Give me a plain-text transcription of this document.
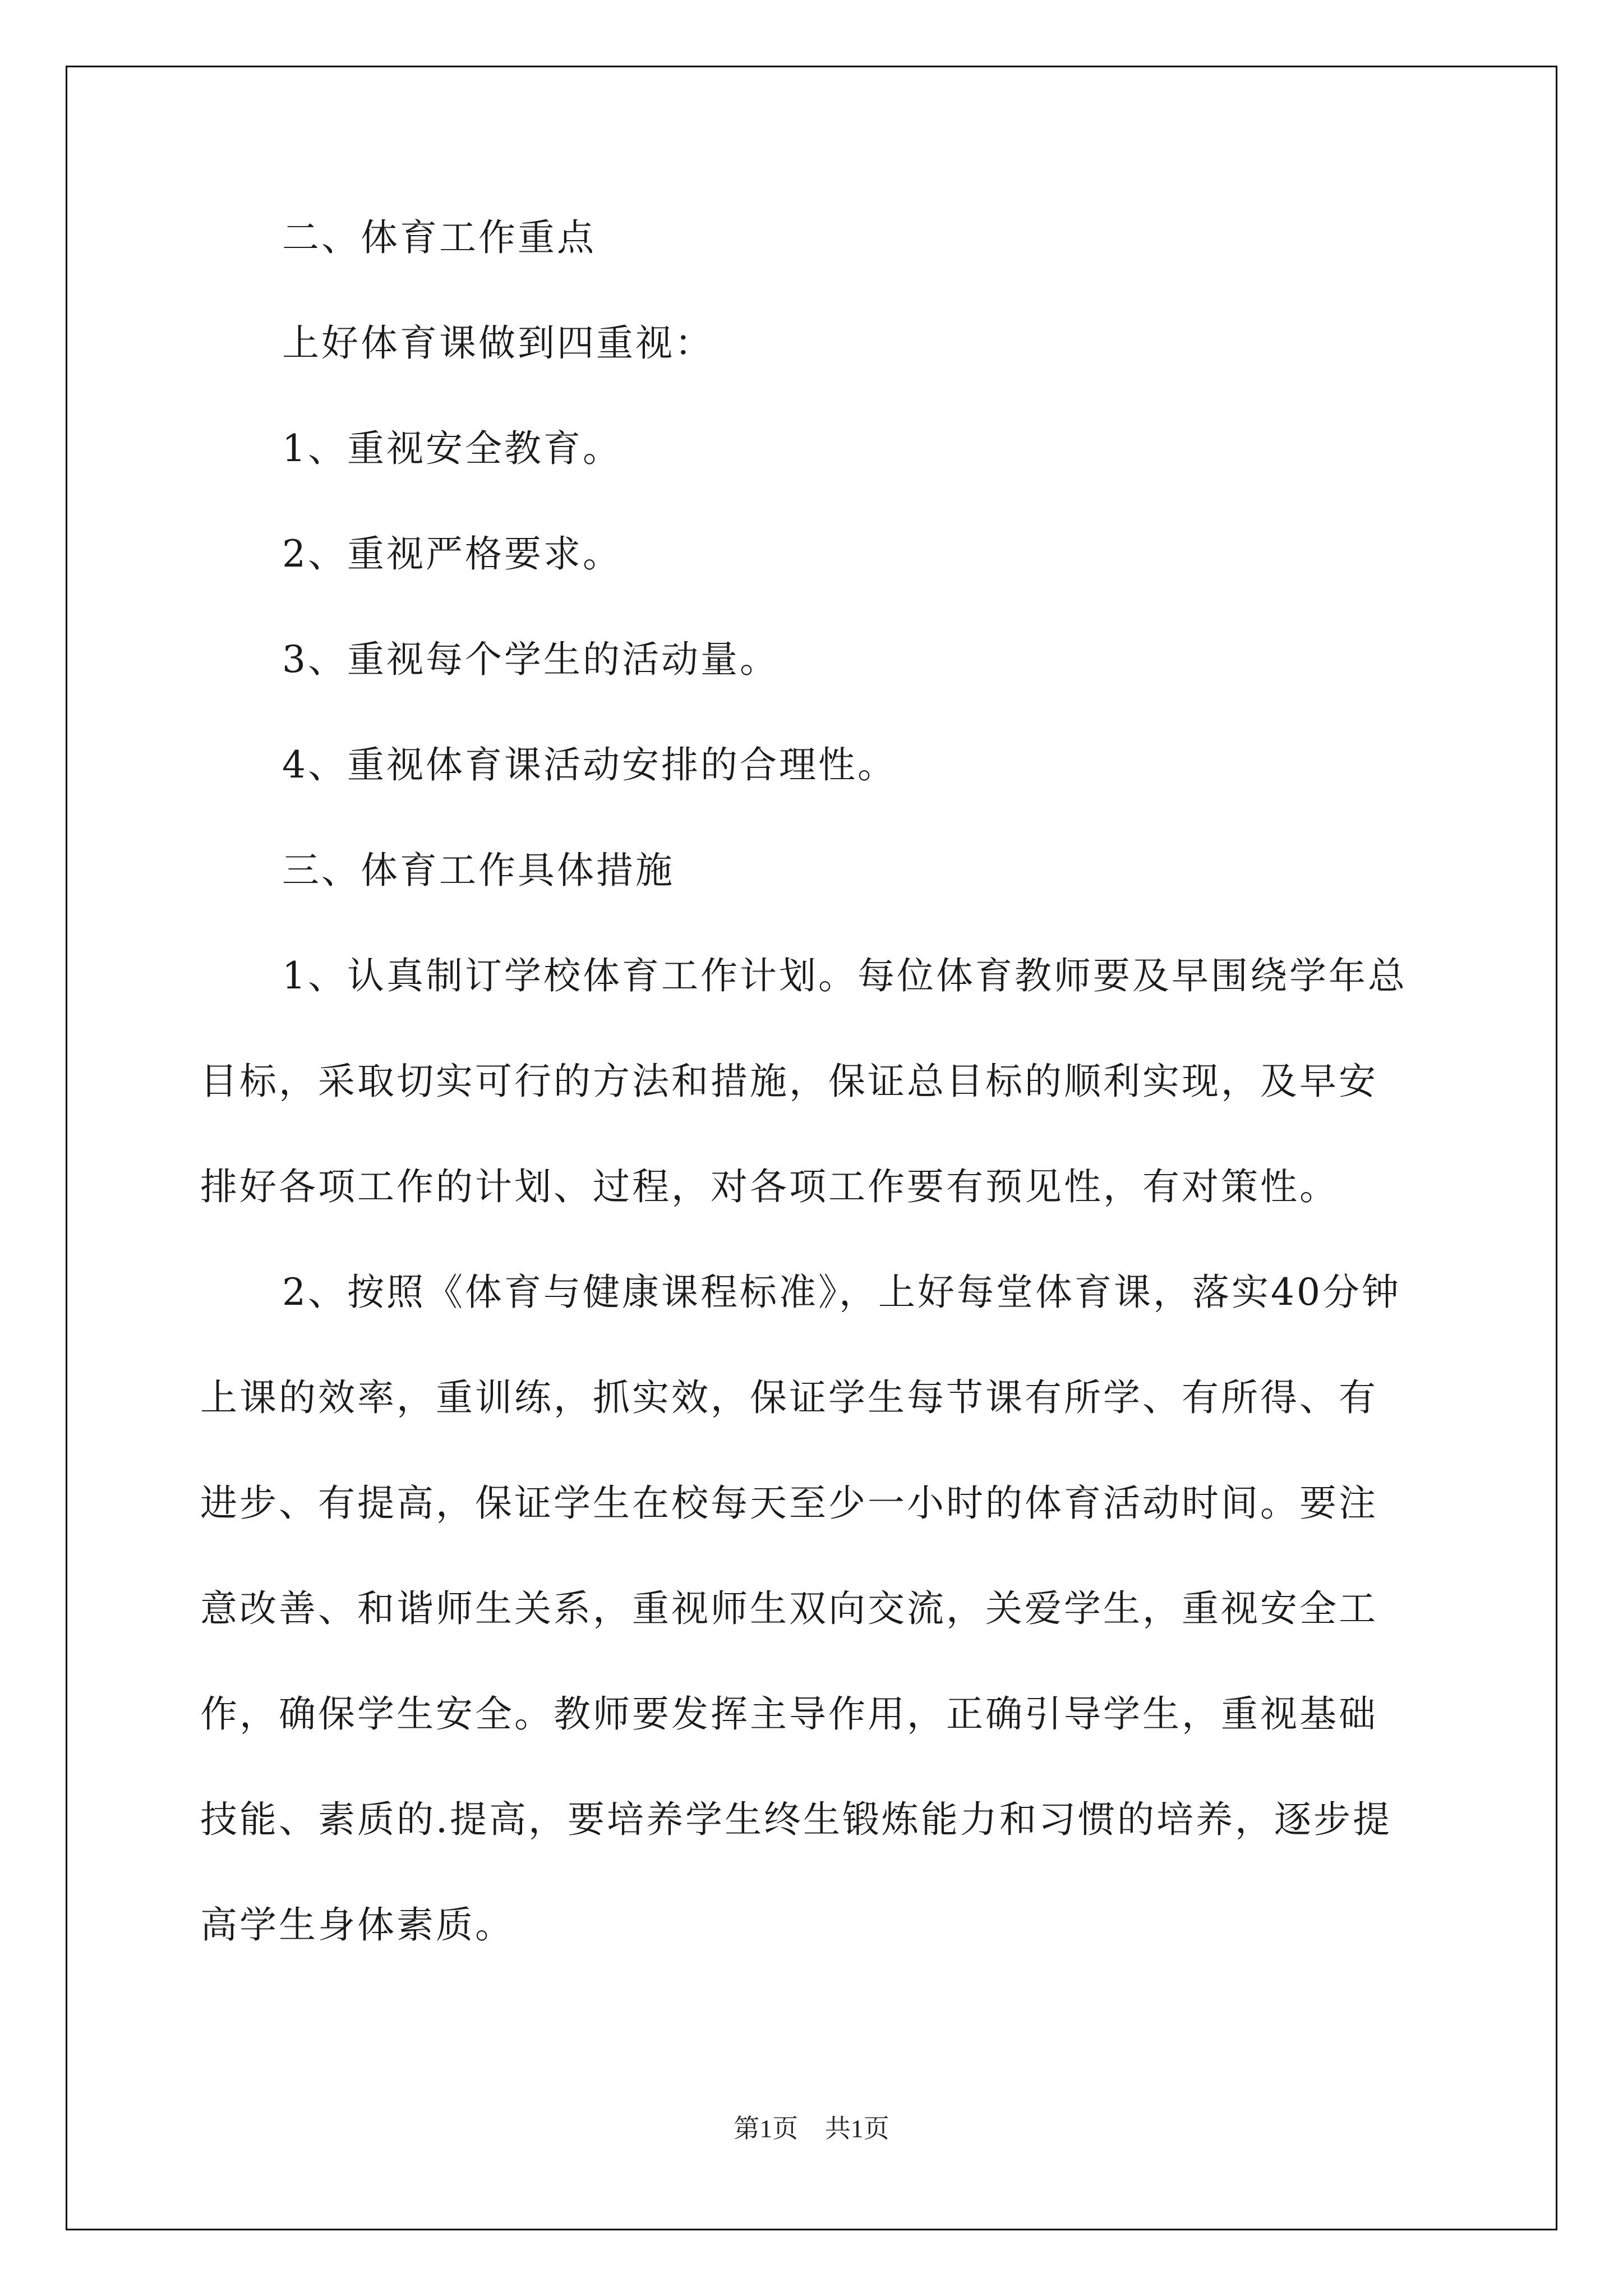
二、体育工作重点
上好体育课做到四重视：
1、重视安全教育。
2、重视严格要求。
3、重视每个学生的活动量。
4、重视体育课活动安排的合理性。
三、体育工作具体措施
1、认真制订学校体育工作计划。每位体育教师要及早围绕学年总
目标，采取切实可行的方法和措施，保证总目标的顺利实现，及早安
排好各项工作的计划、过程，对各项工作要有预见性，有对策性。
2、按照《体育与健康课程标准》，上好每堂体育课，落实40分钟
上课的效率，重训练，抓实效，保证学生每节课有所学、有所得、有
进步、有提高，保证学生在校每天至少一小时的体育活动时间。要注
意改善、和谐师生关系，重视师生双向交流，关爱学生，重视安全工
作，确保学生安全。教师要发挥主导作用，正确引导学生，重视基础
技能、素质的.提高，要培养学生终生锻炼能力和习惯的培养，逐步提
高学生身体素质。
第1页 共1页
